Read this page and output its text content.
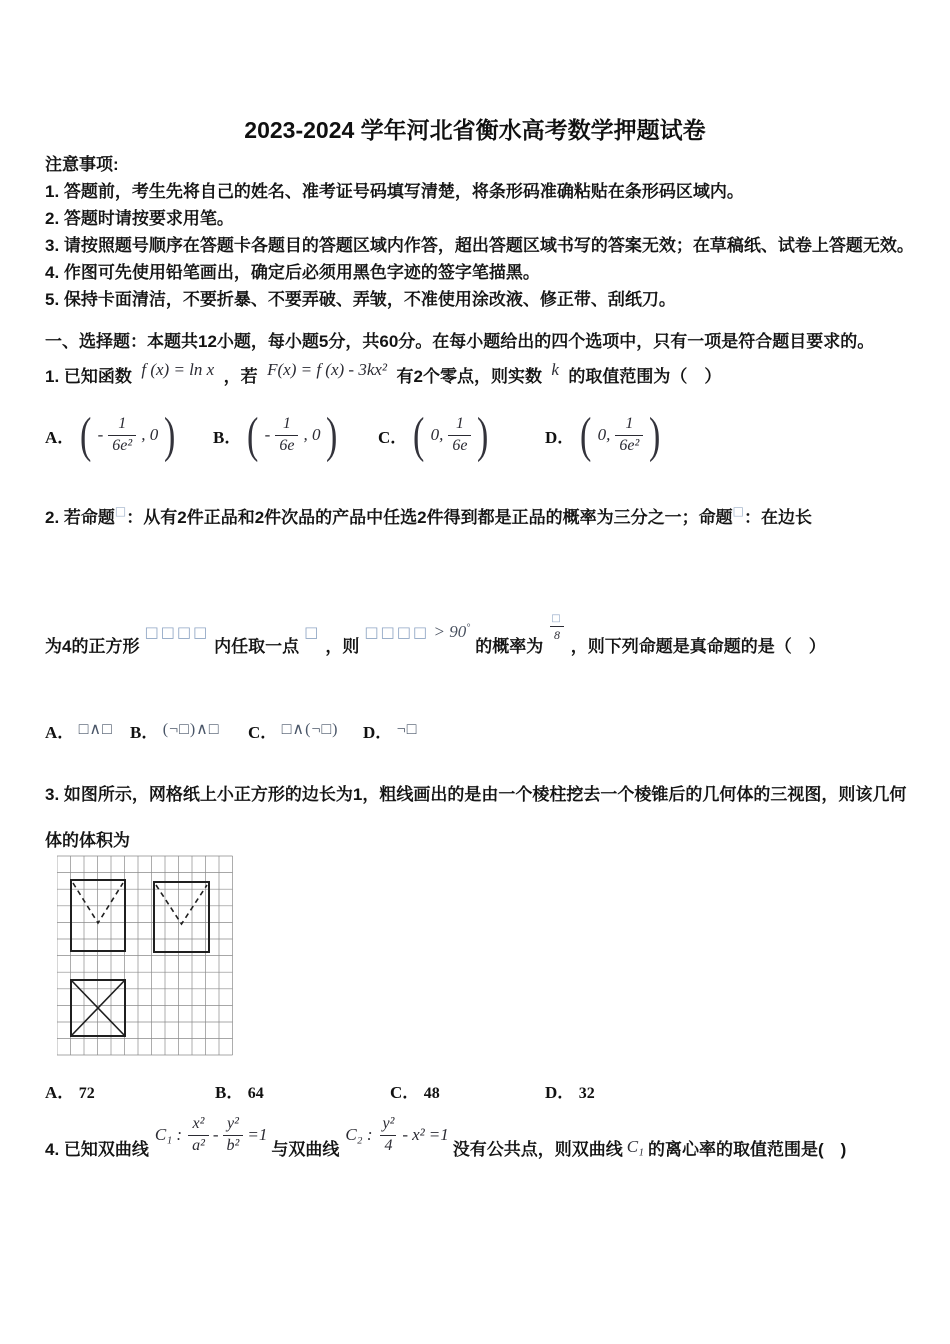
2023-2024 学年河北省衡水高考数学押题试卷
注意事项:
1. 答题前，考生先将自己的姓名、准考证号码填写清楚，将条形码准确粘贴在条形码区域内。
2. 答题时请按要求用笔。
3. 请按照题号顺序在答题卡各题目的答题区域内作答，超出答题区域书写的答案无效；在草稿纸、试卷上答题无效。
4. 作图可先使用铅笔画出，确定后必须用黑色字迹的签字笔描黑。
5. 保持卡面清洁，不要折暴、不要弄破、弄皱，不准使用涂改液、修正带、刮纸刀。
一、选择题：本题共12小题，每小题5分，共60分。在每小题给出的四个选项中，只有一项是符合题目要求的。
1. 已知函数 f (x) = ln x ，若 F(x) = f (x) - 3kx² 有2个零点，则实数 k 的取值范围为（　）
A． ( - $\frac{1}{\text{6e²}}$ , 0 ) B． ( - $\frac{1}{6e}$ , 0 ) C． ( 0, $\frac{1}{6e}$ )	D． ( 0, $\frac{1}{\text{6e²}}$ )
2. 若命题□：从有2件正品和2件次品的产品中任选2件得到都是正品的概率为三分之一；命题□：在边长
为4的正方形□□□□内任取一点□，则□□□□ > 90°的概率为
$\frac{□}{8}$
，则下列命题是真命题的是（　）
A． □∧□ B． (¬□)∧□ C． □∧(¬□) D． ¬□
3. 如图所示，网格纸上小正方形的边长为1，粗线画出的是由一个棱柱挖去一个棱锥后的几何体的三视图，则该几何体的体积为
A． 72	B． 64	C． 48	D． 32
4. 已知双曲线
C₁ : $\frac{\text{x²}}{\text{a²}} - \frac{\text{y²}}{\text{b²}} =1$
与双曲线
C₂ : $\frac{\text{y²}}{4} - x^2 =1$
没有公共点，则双曲线 C₁ 的离心率的取值范围是(　)
